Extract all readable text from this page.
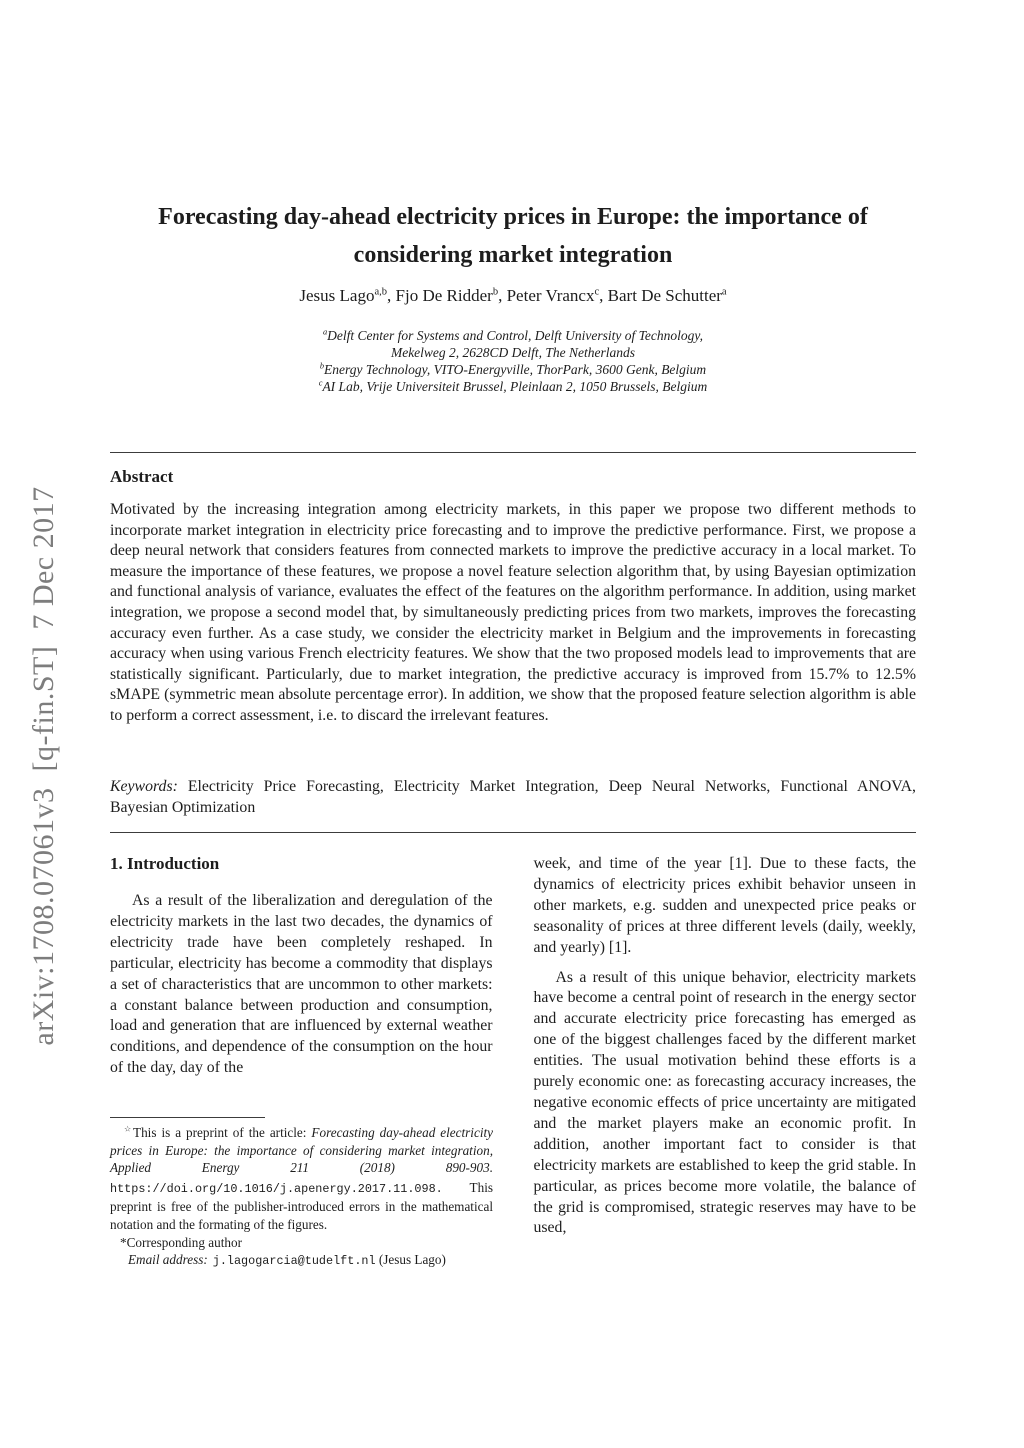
arXiv:1708.07061v3  [q-fin.ST]  7 Dec 2017
Forecasting day-ahead electricity prices in Europe: the importance of
considering market integration
Jesus Lago$^{a,b}$, Fjo De Ridder$^b$, Peter Vrancx$^c$, Bart De Schutter$^a$
$^a$Delft Center for Systems and Control, Delft University of Technology,
Mekelweg 2, 2628CD Delft, The Netherlands
$^b$Energy Technology, VITO-Energyville, ThorPark, 3600 Genk, Belgium
$^c$AI Lab, Vrije Universiteit Brussel, Pleinlaan 2, 1050 Brussels, Belgium
Abstract
Motivated by the increasing integration among electricity markets, in this paper we propose two different methods to incorporate market integration in electricity price forecasting and to improve the predictive performance. First, we propose a deep neural network that considers features from connected markets to improve the predictive accuracy in a local market. To measure the importance of these features, we propose a novel feature selection algorithm that, by using Bayesian optimization and functional analysis of variance, evaluates the effect of the features on the algorithm performance. In addition, using market integration, we propose a second model that, by simultaneously predicting prices from two markets, improves the forecasting accuracy even further. As a case study, we consider the electricity market in Belgium and the improvements in forecasting accuracy when using various French electricity features. We show that the two proposed models lead to improvements that are statistically significant. Particularly, due to market integration, the predictive accuracy is improved from 15.7% to 12.5% sMAPE (symmetric mean absolute percentage error). In addition, we show that the proposed feature selection algorithm is able to perform a correct assessment, i.e. to discard the irrelevant features.
Keywords: Electricity Price Forecasting, Electricity Market Integration, Deep Neural Networks, Functional ANOVA, Bayesian Optimization
1. Introduction

As a result of the liberalization and deregulation of the electricity markets in the last two decades, the dynamics of electricity trade have been completely reshaped. In particular, electricity has become a commodity that displays a set of characteristics that are uncommon to other markets: a constant balance between production and consumption, load and generation that are influenced by external weather conditions, and dependence of the consumption on the hour of the day, day of the

week, and time of the year [1]. Due to these facts, the dynamics of electricity prices exhibit behavior unseen in other markets, e.g. sudden and unexpected price peaks or seasonality of prices at three different levels (daily, weekly, and yearly) [1].

As a result of this unique behavior, electricity markets have become a central point of research in the energy sector and accurate electricity price forecasting has emerged as one of the biggest challenges faced by the different market entities. The usual motivation behind these efforts is a purely economic one: as forecasting accuracy increases, the negative economic effects of price uncertainty are mitigated and the market players make an economic profit. In addition, another important fact to consider is that electricity markets are established to keep the grid stable. In particular, as prices become more volatile, the balance of the grid is compromised, strategic reserves may have to be used,

☆This is a preprint of the article: Forecasting day-ahead electricity prices in Europe: the importance of considering market integration, Applied Energy 211 (2018) 890-903. https://doi.org/10.1016/j.apenergy.2017.11.098. This preprint is free of the publisher-introduced errors in the mathematical notation and the formating of the figures.
*Corresponding author
Email address: j.lagogarcia@tudelft.nl (Jesus Lago)
